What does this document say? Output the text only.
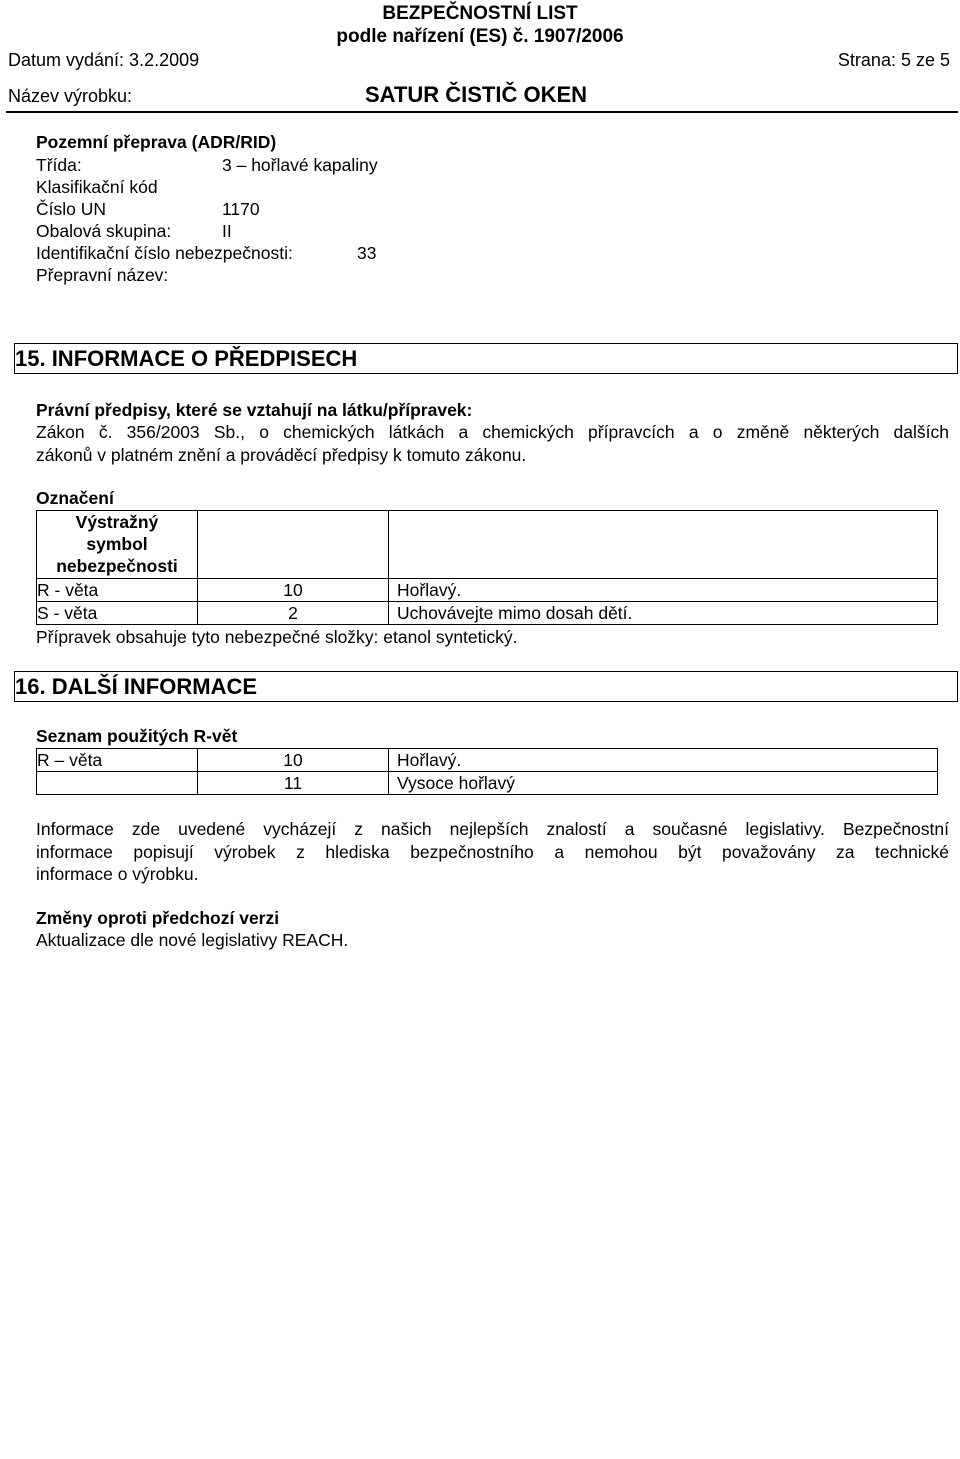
BEZPEČNOSTNÍ LIST
podle nařízení (ES) č. 1907/2006
Datum vydání: 3.2.2009	Strana: 5 ze 5
Název výrobku:	SATUR ČISTIČ OKEN
Pozemní přeprava (ADR/RID)
Třída:	3 – hořlavé kapaliny
Klasifikační kód
Číslo UN	1170
Obalová skupina:	II
Identifikační číslo nebezpečnosti:	33
Přepravní název:
15. INFORMACE O PŘEDPISECH
Právní předpisy, které se vztahují na látku/přípravek:
Zákon č. 356/2003 Sb., o chemických látkách a chemických přípravcích a o změně některých dalších
zákonů v platném znění a prováděcí předpisy k tomuto zákonu.
Označení
Výstražný
symbol
nebezpečnosti		

R - věta	10	Hořlavý.
S - věta	2	Uchovávejte mimo dosah dětí.
Přípravek obsahuje tyto nebezpečné složky: etanol syntetický.
16. DALŠÍ INFORMACE
Seznam použitých R-vět
R – věta	10	Hořlavý.
	11	Vysoce hořlavý
Informace zde uvedené vycházejí z našich nejlepších znalostí a současné legislativy. Bezpečnostní
informace popisují výrobek z hlediska bezpečnostního a nemohou být považovány za technické
informace o výrobku.
Změny oproti předchozí verzi
Aktualizace dle nové legislativy REACH.
